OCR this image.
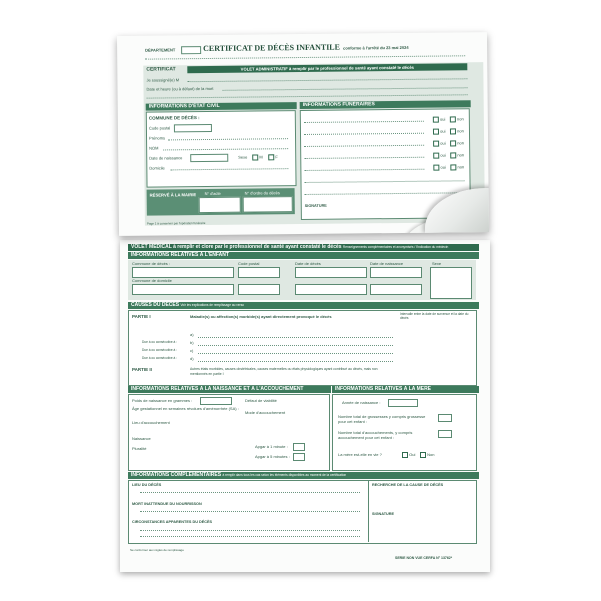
VOLET MÉDICAL à remplir et clore par le professionnel de santé ayant constaté le décès Renseignements complémentaires et anonymisés / l'indication du médecin
INFORMATIONS RELATIVES À L'ENFANT
Commune de décès :	Code postal
Commune de domicile
Date de décès	Date de naissance	Sexe
CAUSES DU DÉCÈS Voir les explications de remplissage au verso
PARTIE I	Maladie(s) ou affection(s) morbide(s) ayant directement provoqué le décès	Intervalle entre la date de survenue et la date du décès
a)
Due à ou consécutive à :	b)
Due à ou consécutive à :	c)
Due à ou consécutive à :	d)
PARTIE II	Autres états morbides, causes obstétricales, causes maternelles ou états physiologiques ayant contribué au décès, mais non mentionnés en partie I
INFORMATIONS RELATIVES À LA NAISSANCE ET À L'ACCOUCHEMENT	INFORMATIONS RELATIVES À LA MÈRE
Poids de naissance en grammes :	Défaut de viabilité
Âge gestationnel en semaines révolues d'aménorrhée (SA) :
Mode d'accouchement
Lieu d'accouchement
Naissance
Pluralité	Apgar à 1 minute :
Apgar à 5 minutes :
Année de naissance :
Nombre total de grossesses y compris grossesse pour cet enfant :
Nombre total d'accouchements, y compris accouchement pour cet enfant :
La mère est-elle en vie ?	Oui	Non
INFORMATIONS COMPLÉMENTAIRES à remplir dans tous les cas selon les éléments disponibles au moment de la certification
LIEU DU DÉCÈS
MORT INATTENDUE DU NOURRISSON
CIRCONSTANCES APPARENTES DU DÉCÈS
RECHERCHE DE LA CAUSE DE DÉCÈS
SIGNATURE
Se conformer aux règles de remplissage
SERIE NON VUE CERFA N° 13762*
DÉPARTEMENT	CERTIFICAT DE DÉCÈS INFANTILE conforme à l'arrêté du 23 mai 2024
CERTIFICAT	VOLET ADMINISTRATIF à remplir par le professionnel de santé ayant constaté le décès
Je soussigné(e) M
Date et heure (ou à défaut) de la mort
INFORMATIONS D'ÉTAT CIVIL	INFORMATIONS FUNÉRAIRES
COMMUNE DE DÉCÈS :
Code postal
Prénoms
NOM
Date de naissance	Sexe	M	F
Domicile
oui	non
oui	non
oui	non
oui	non
oui	non
SIGNATURE
RÉSERVÉ À LA MAIRIE N° d'acte	N° d'ordre du décès
Page 1 à conserver par l'opération funéraire
